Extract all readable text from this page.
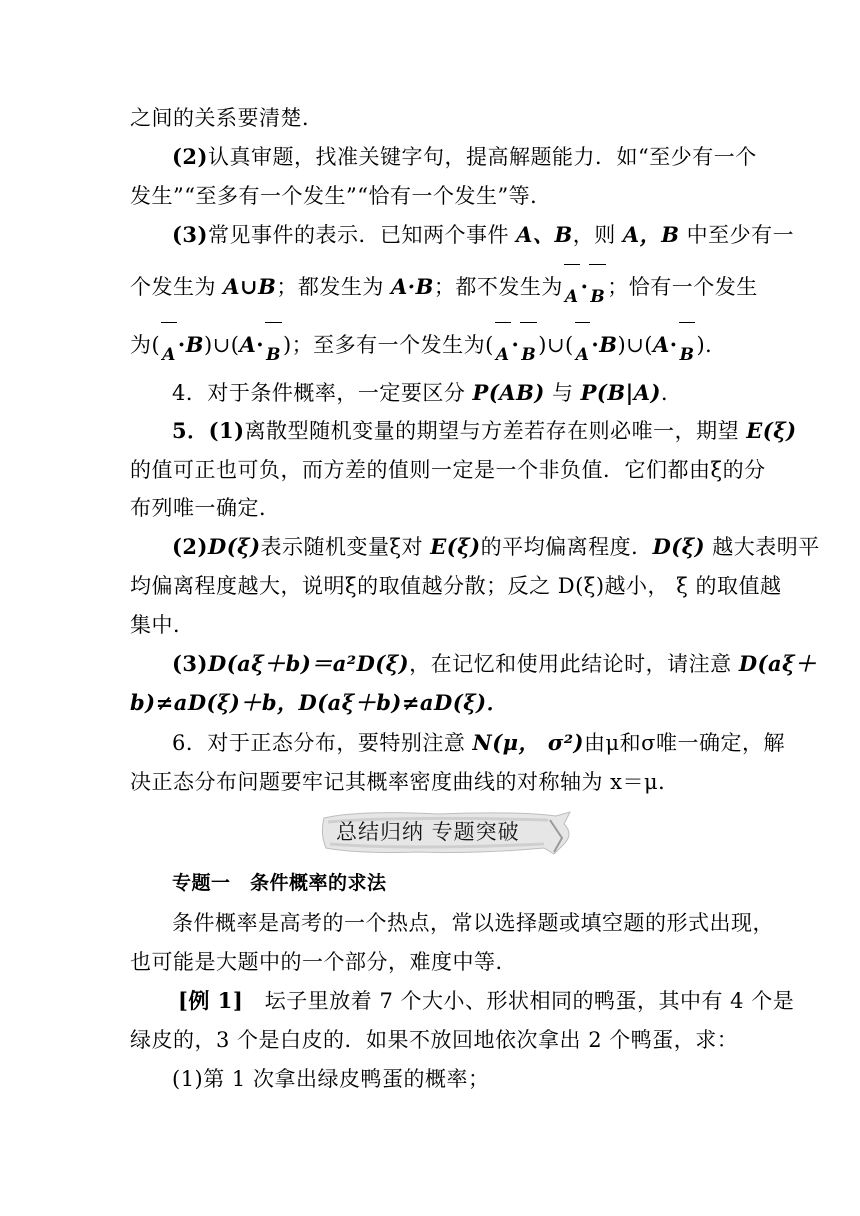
之间的关系要清楚．
(2)认真审题，找准关键字句，提高解题能力．如“至少有一个
发生”“至多有一个发生”“恰有一个发生”等．
(3)常见事件的表示．已知两个事件 A、B，则 A，B 中至少有一
个发生为 A∪B；都发生为 A·B；都不发生为 A· B；恰有一个发生
为( A·B)∪(A· B)；至多有一个发生为( A· B)∪( A·B)∪(A· B)．
4．对于条件概率，一定要区分 P(AB) 与 P(B|A)．
5．(1)离散型随机变量的期望与方差若存在则必唯一，期望 E(ξ)
的值可正也可负，而方差的值则一定是一个非负值．它们都由ξ的分
布列唯一确定．
(2)D(ξ)表示随机变量ξ对 E(ξ)的平均偏离程度．D(ξ) 越大表明平
均偏离程度越大，说明ξ的取值越分散；反之 D(ξ)越小， ξ 的取值越
集中．
(3)D(aξ＋b)＝a²D(ξ)，在记忆和使用此结论时，请注意 D(aξ＋
b)≠aD(ξ)＋b，D(aξ＋b)≠aD(ξ)．
6．对于正态分布，要特别注意 N(μ， σ²)由μ和σ唯一确定，解
决正态分布问题要牢记其概率密度曲线的对称轴为 x＝μ．
总结归纳 专题突破
专题一　条件概率的求法
条件概率是高考的一个热点，常以选择题或填空题的形式出现，
也可能是大题中的一个部分，难度中等．
[例 1]　 坛子里放着 7 个大小、形状相同的鸭蛋，其中有 4 个是
绿皮的，3 个是白皮的．如果不放回地依次拿出 2 个鸭蛋，求：
(1)第 1 次拿出绿皮鸭蛋的概率；
